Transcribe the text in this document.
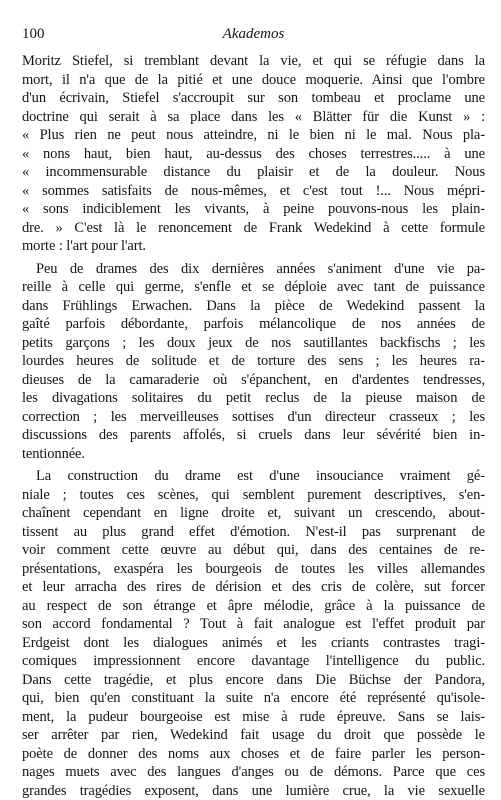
100	Akademos
Moritz Stiefel, si tremblant devant la vie, et qui se réfugie dans la
mort, il n'a que de la pitié et une douce moquerie. Ainsi que l'ombre
d'un écrivain, Stiefel s'accroupit sur son tombeau et proclame une
doctrine qui serait à sa place dans les « Blätter für die Kunst » :
« Plus rien ne peut nous atteindre, ni le bien ni le mal. Nous pla-
« nons haut, bien haut, au-dessus des choses terrestres..... à une
« incommensurable distance du plaisir et de la douleur. Nous
« sommes satisfaits de nous-mêmes, et c'est tout !... Nous mépri-
« sons indiciblement les vivants, à peine pouvons-nous les plain-
dre. » C'est là le renoncement de Frank Wedekind à cette formule
morte : l'art pour l'art.
Peu de drames des dix dernières années s'animent d'une vie pa-
reille à celle qui germe, s'enfle et se déploie avec tant de puissance
dans Frühlings Erwachen. Dans la pièce de Wedekind passent la
gaîté parfois débordante, parfois mélancolique de nos années de
petits garçons ; les doux jeux de nos sautillantes backfischs ; les
lourdes heures de solitude et de torture des sens ; les heures ra-
dieuses de la camaraderie où s'épanchent, en d'ardentes tendresses,
les divagations solitaires du petit reclus de la pieuse maison de
correction ; les merveilleuses sottises d'un directeur crasseux ; les
discussions des parents affolés, si cruels dans leur sévérité bien in-
tentionnée.
La construction du drame est d'une insouciance vraiment gé-
niale ; toutes ces scènes, qui semblent purement descriptives, s'en-
chaînent cependant en ligne droite et, suivant un crescendo, about-
tissent au plus grand effet d'émotion. N'est-il pas surprenant de
voir comment cette œuvre au début qui, dans des centaines de re-
présentations, exaspéra les bourgeois de toutes les villes allemandes
et leur arracha des rires de dérision et des cris de colère, sut forcer
au respect de son étrange et âpre mélodie, grâce à la puissance de
son accord fondamental ? Tout à fait analogue est l'effet produit par
Erdgeist dont les dialogues animés et les criants contrastes tragi-
comiques impressionnent encore davantage l'intelligence du public.
Dans cette tragédie, et plus encore dans Die Büchse der Pandora,
qui, bien qu'en constituant la suite n'a encore été représenté qu'isole-
ment, la pudeur bourgeoise est mise à rude épreuve. Sans se lais-
ser arrêter par rien, Wedekind fait usage du droit que possède le
poète de donner des noms aux choses et de faire parler les person-
nages muets avec des langues d'anges ou de démons. Parce que ces
grandes tragédies exposent, dans une lumière crue, la vie sexuelle
